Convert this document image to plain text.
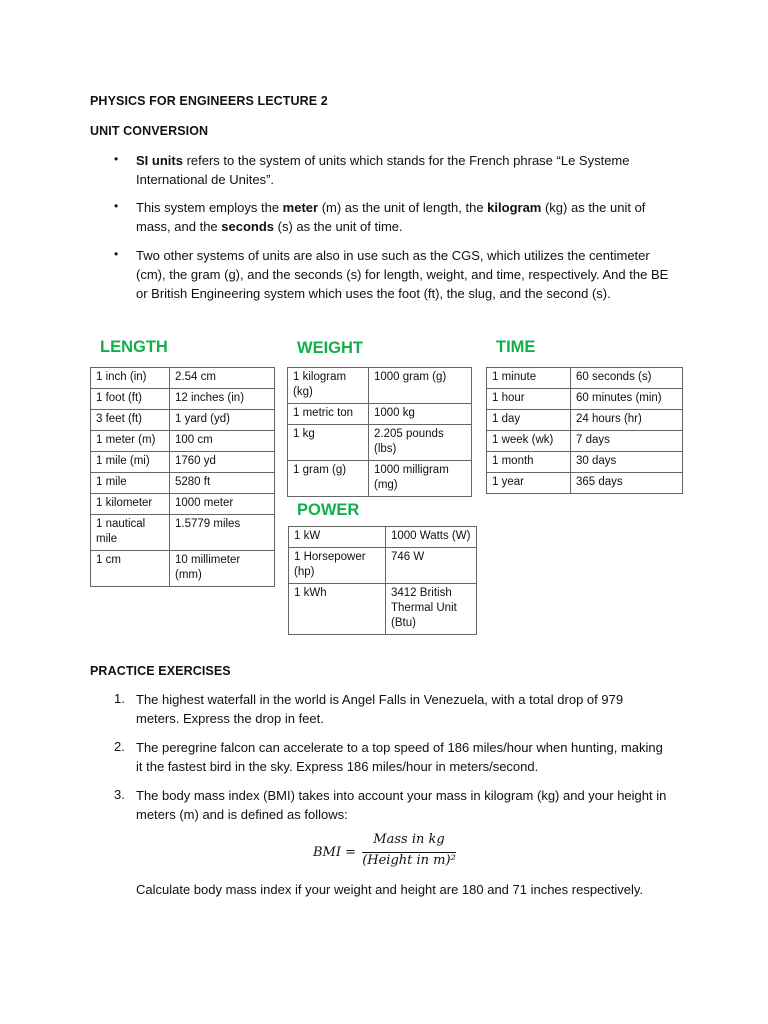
PHYSICS FOR ENGINEERS LECTURE 2
UNIT CONVERSION
• SI units refers to the system of units which stands for the French phrase “Le Systeme
International de Unites”.
• This system employs the meter (m) as the unit of length, the kilogram (kg) as the unit of
mass, and the seconds (s) as the unit of time.
• Two other systems of units are also in use such as the CGS, which utilizes the centimeter
(cm), the gram (g), and the seconds (s) for length, weight, and time, respectively. And the BE
or British Engineering system which uses the foot (ft), the slug, and the second (s).
LENGTH	WEIGHT	TIME
POWER
1 inch (in)	2.54 cm
1 foot (ft)	12 inches (in)
3 feet (ft)	1 yard (yd)
1 meter (m)	100 cm
1 mile (mi)	1760 yd
1 mile	5280 ft
1 kilometer	1000 meter
1 nautical mile	1.5779 miles
1 cm	10 millimeter (mm)
1 kilogram (kg)	1000 gram (g)
1 metric ton	1000 kg
1 kg	2.205 pounds (lbs)
1 gram (g)	1000 milligram (mg)
1 minute	60 seconds (s)
1 hour	60 minutes (min)
1 day	24 hours (hr)
1 week (wk)	7 days
1 month	30 days
1 year	365 days
1 kW	1000 Watts (W)
1 Horsepower (hp)	746 W
1 kWh	3412 British Thermal Unit (Btu)
PRACTICE EXERCISES
1. The highest waterfall in the world is Angel Falls in Venezuela, with a total drop of 979
meters. Express the drop in feet.
2. The peregrine falcon can accelerate to a top speed of 186 miles/hour when hunting, making
it the fastest bird in the sky. Express 186 miles/hour in meters/second.
3. The body mass index (BMI) takes into account your mass in kilogram (kg) and your height in
meters (m) and is defined as follows:
BMI =
Mass in kg
(Height in m)²
Calculate body mass index if your weight and height are 180 and 71 inches respectively.
